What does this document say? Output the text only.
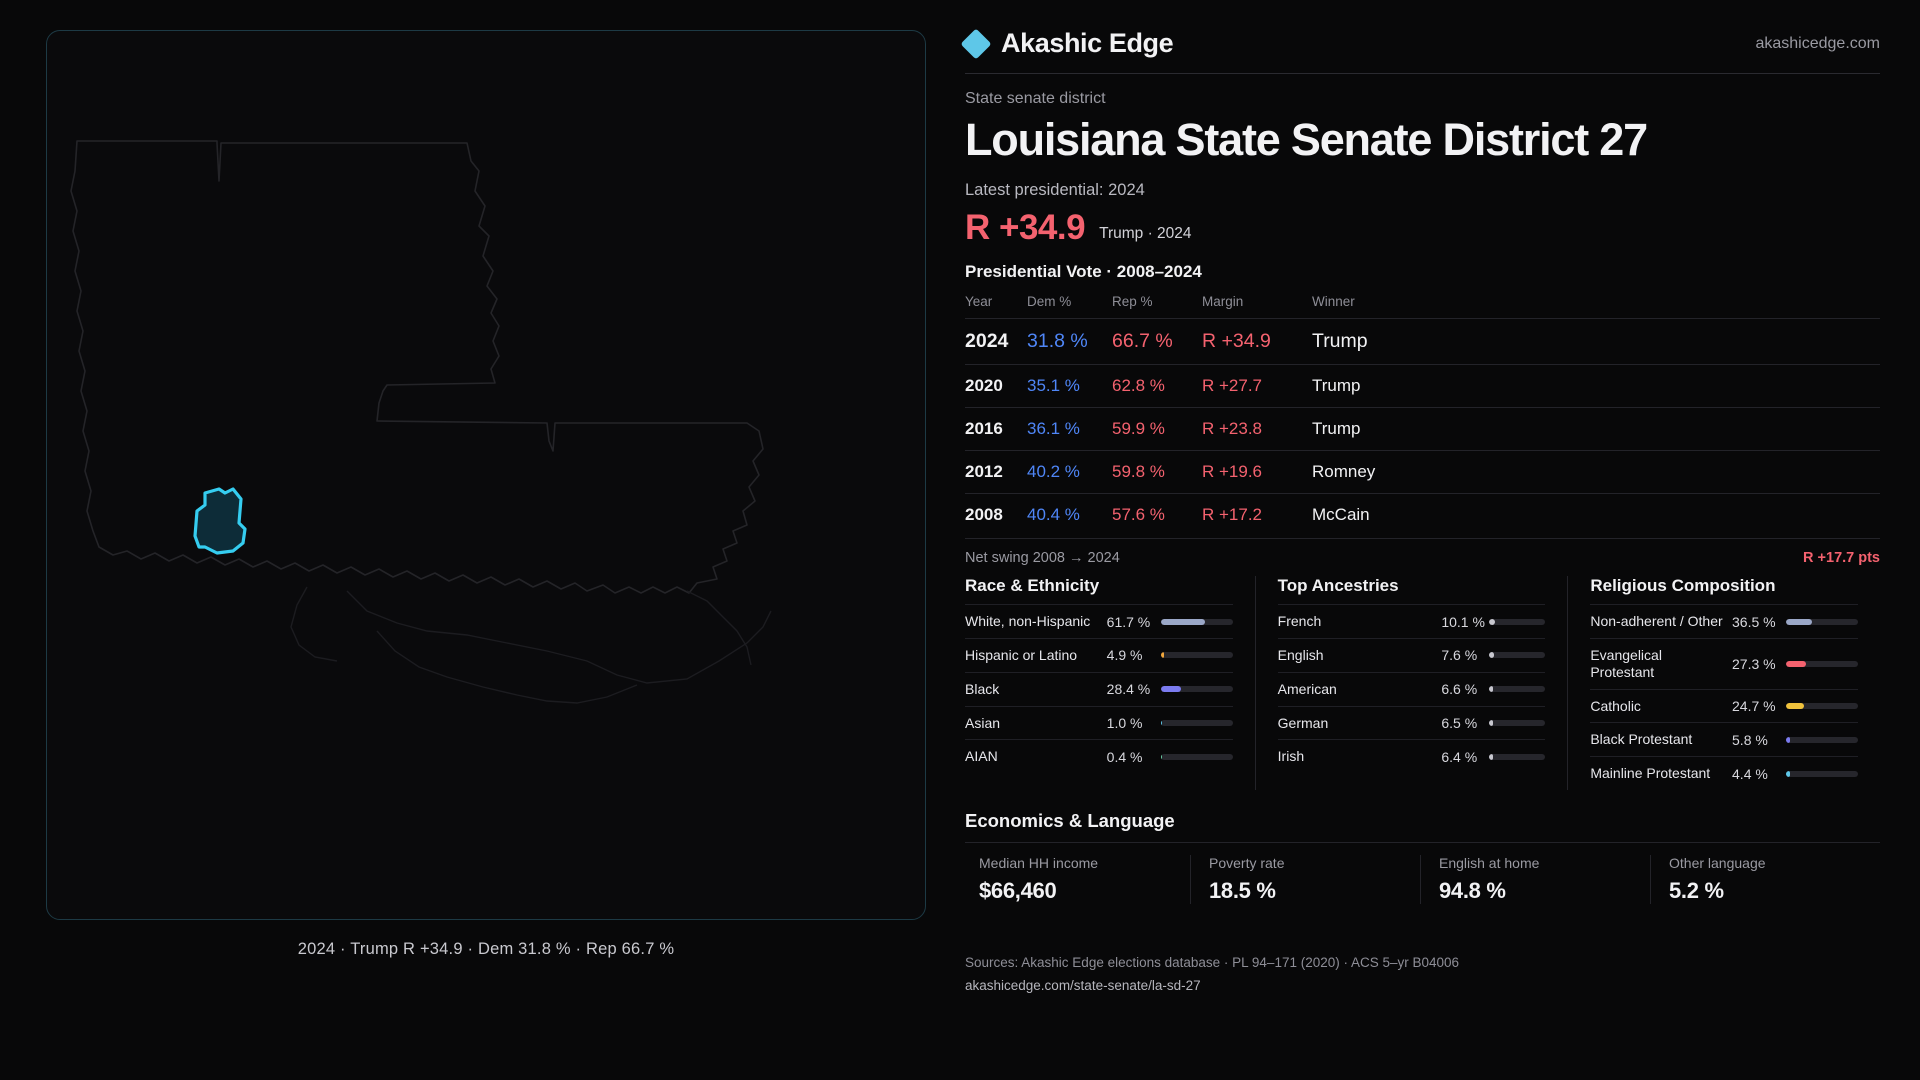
2024 · Trump R +34.9 · Dem 31.8 % · Rep 66.7 %
Akashic Edge	akashicedge.com
State senate district
Louisiana State Senate District 27
Latest presidential: 2024
R +34.9 Trump · 2024
Presidential Vote · 2008–2024
Year	Dem %	Rep %	Margin	Winner
2024	31.8 %	66.7 %	R +34.9	Trump
2020	35.1 %	62.8 %	R +27.7	Trump
2016	36.1 %	59.9 %	R +23.8	Trump
2012	40.2 %	59.8 %	R +19.6	Romney
2008	40.4 %	57.6 %	R +17.2	McCain
Net swing 2008 → 2024	R +17.7 pts
Race & Ethnicity
White, non-Hispanic	61.7 %
Hispanic or Latino	4.9 %
Black	28.4 %
Asian	1.0 %
AIAN	0.4 %
Top Ancestries
French	10.1 %
English	7.6 %
American	6.6 %
German	6.5 %
Irish	6.4 %
Religious Composition
Non-adherent / Other 36.5 %
Evangelical Protestant	27.3 %
Catholic	24.7 %
Black Protestant	5.8 %
Mainline Protestant	4.4 %
Economics & Language
Median HH income
$66,460
Poverty rate
18.5 %
English at home
94.8 %
Other language
5.2 %
Sources: Akashic Edge elections database · PL 94–171 (2020) · ACS 5–yr B04006
akashicedge.com/state-senate/la-sd-27
